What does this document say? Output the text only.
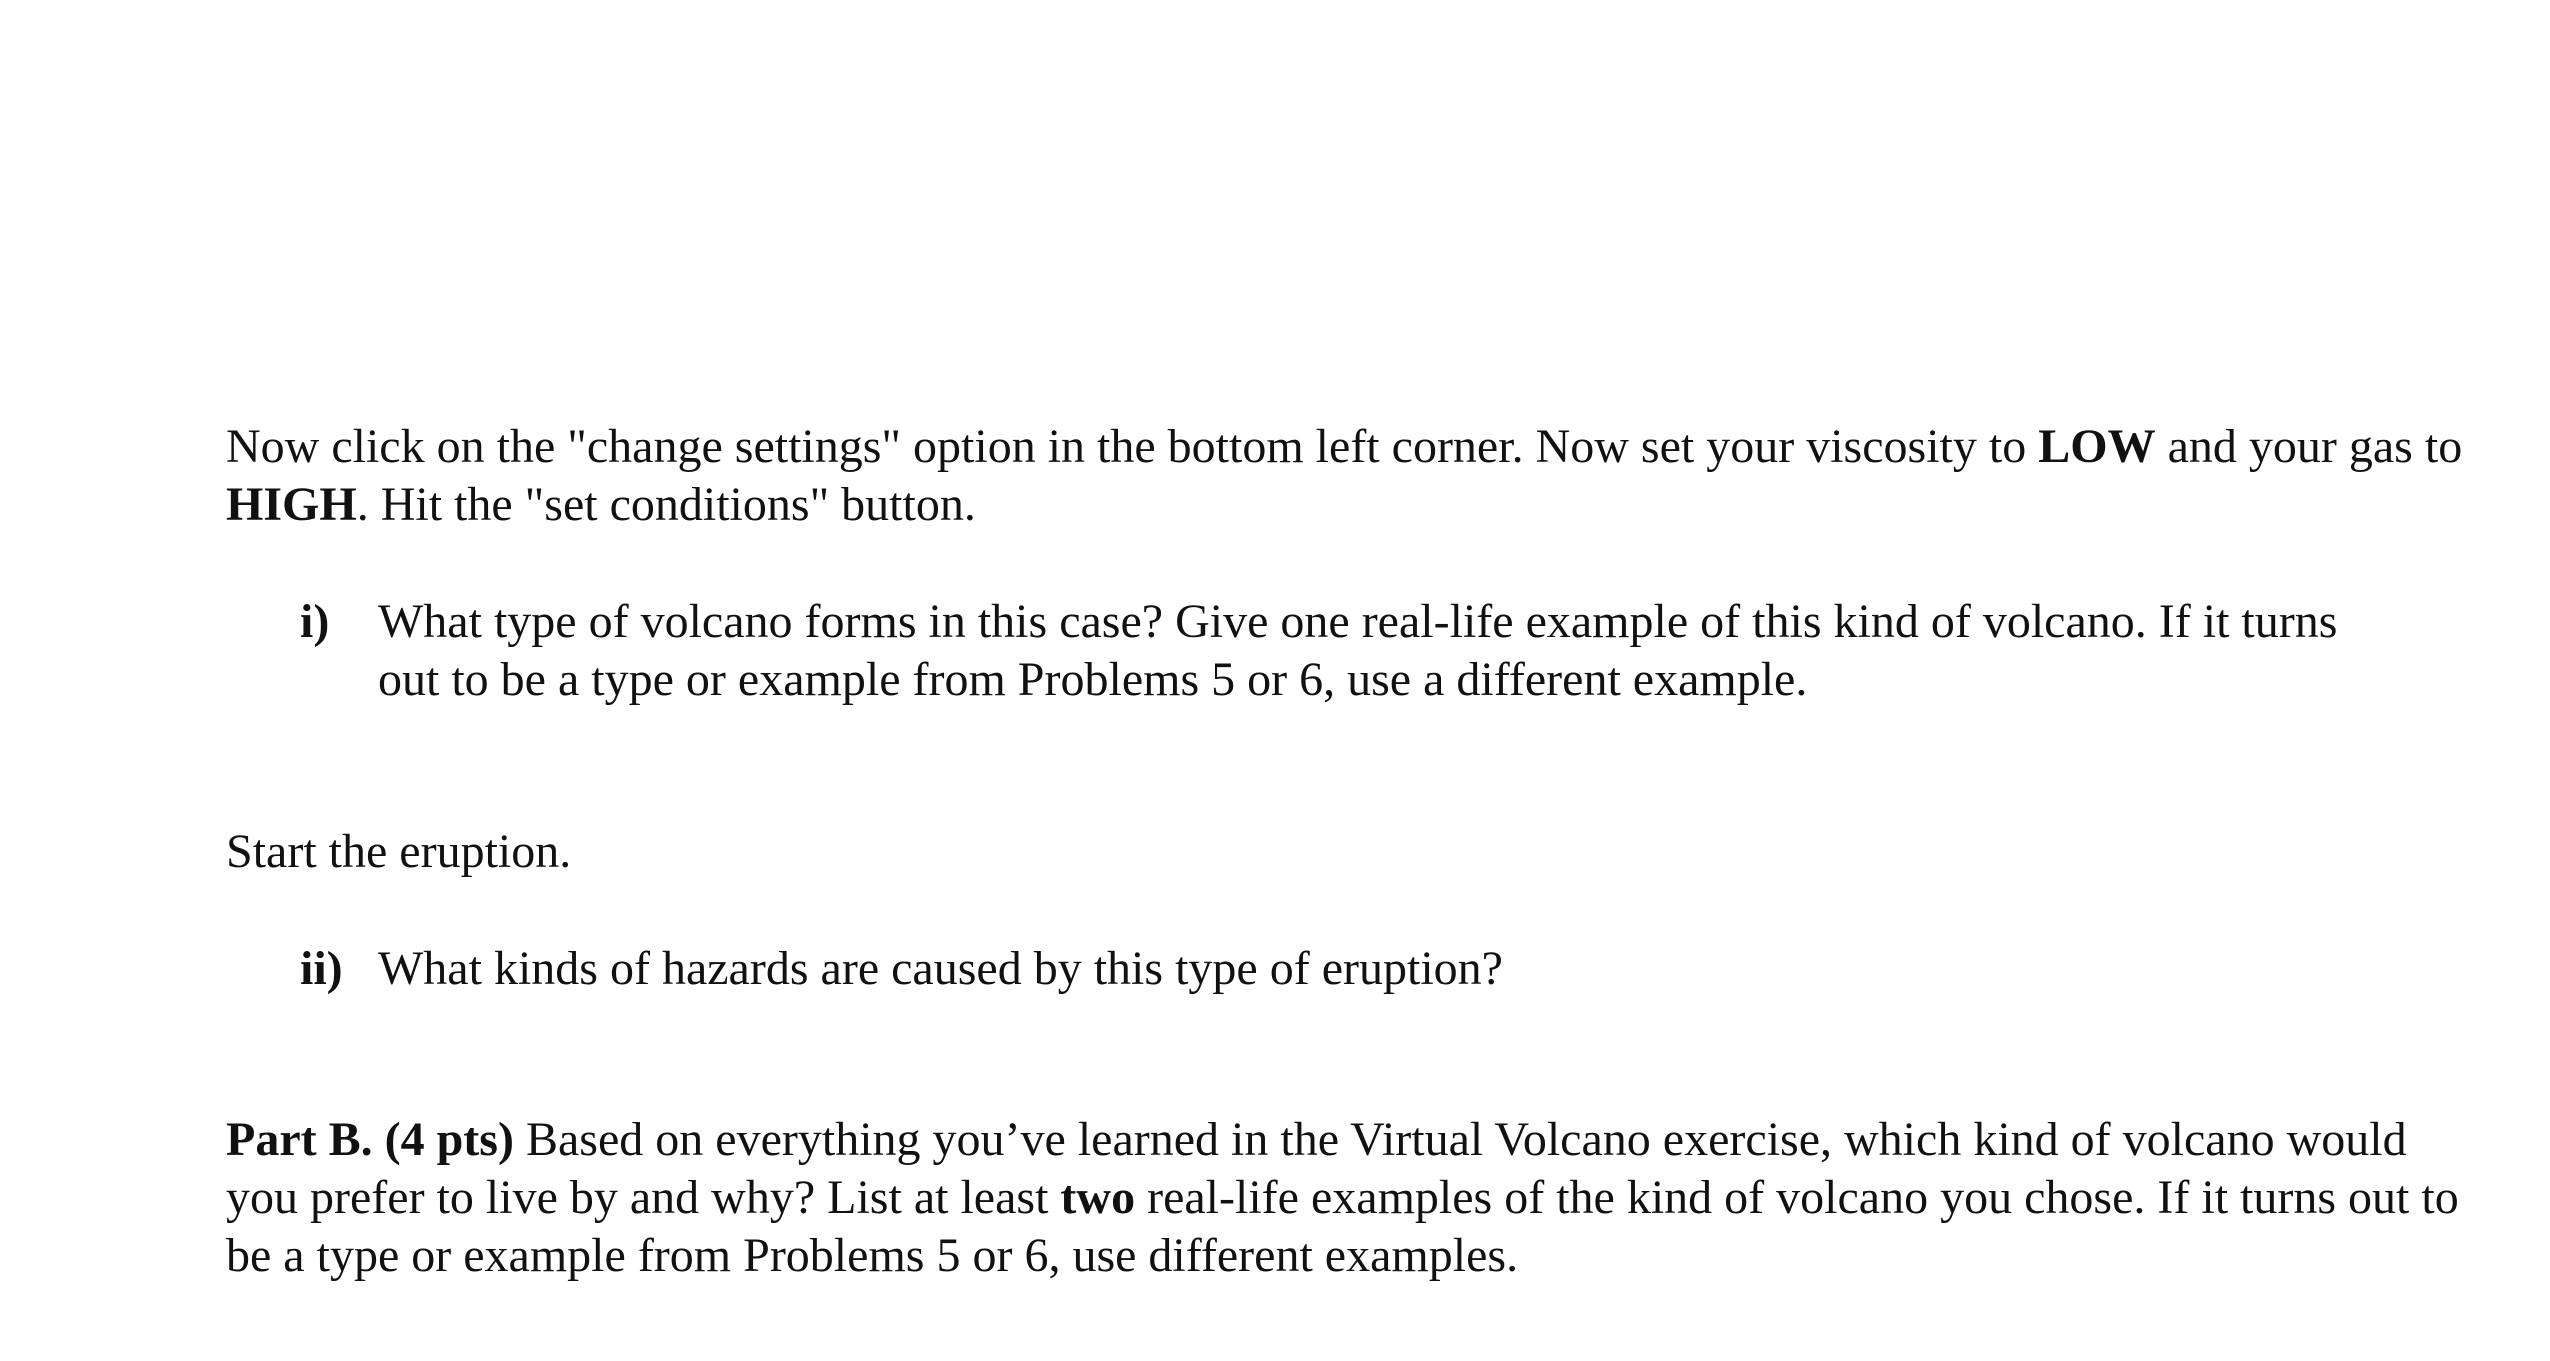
Now click on the "change settings" option in the bottom left corner. Now set your viscosity to LOW and your gas to HIGH. Hit the "set conditions" button.

i) What type of volcano forms in this case? Give one real-life example of this kind of volcano. If it turns out to be a type or example from Problems 5 or 6, use a different example.

Start the eruption.

ii) What kinds of hazards are caused by this type of eruption?

Part B. (4 pts) Based on everything you’ve learned in the Virtual Volcano exercise, which kind of volcano would you prefer to live by and why? List at least two real-life examples of the kind of volcano you chose. If it turns out to be a type or example from Problems 5 or 6, use different examples.
